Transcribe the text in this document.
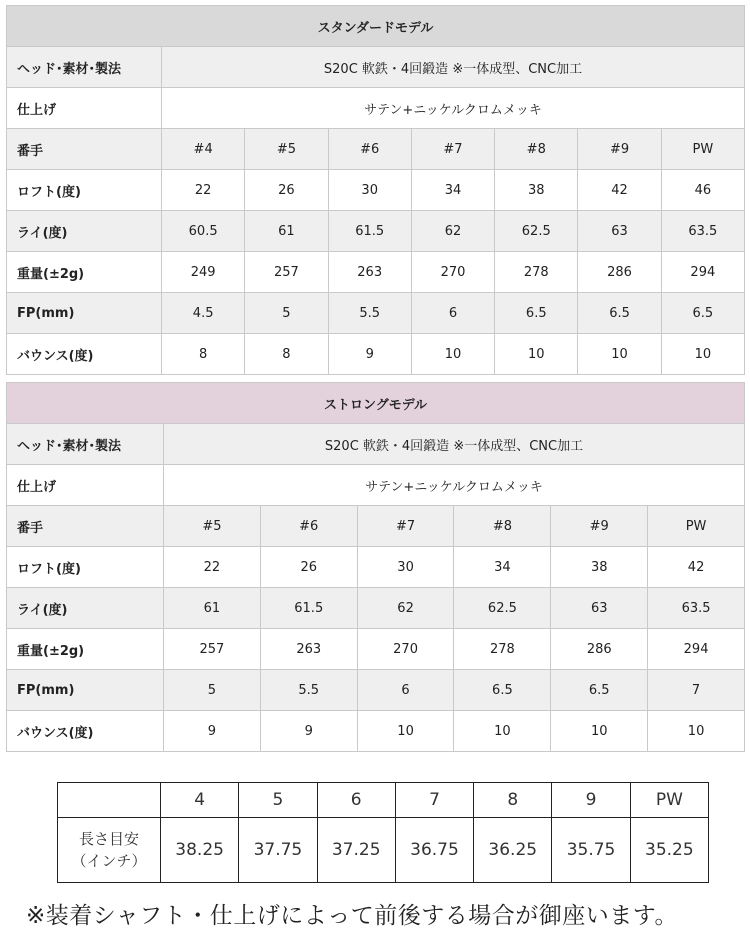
スタンダードモデル							
ヘッド･素材･製法	S20C 軟鉄・4回鍛造 ※一体成型、CNC加工						
仕上げ	サテン+ニッケルクロムメッキ						
番手	#4	#5	#6	#7	#8	#9	PW
ロフト(度)	22	26	30	34	38	42	46
ライ(度)	60.5	61	61.5	62	62.5	63	63.5
重量(±2g)	249	257	263	270	278	286	294
FP(mm)	4.5	5	5.5	6	6.5	6.5	6.5
バウンス(度)	8	8	9	10	10	10	10
ストロングモデル						
ヘッド･素材･製法	S20C 軟鉄・4回鍛造 ※一体成型、CNC加工					
仕上げ	サテン+ニッケルクロムメッキ					
番手	#5	#6	#7	#8	#9	PW
ロフト(度)	22	26	30	34	38	42
ライ(度)	61	61.5	62	62.5	63	63.5
重量(±2g)	257	263	270	278	286	294
FP(mm)	5	5.5	6	6.5	6.5	7
バウンス(度)	9	9	10	10	10	10
	4	5	6	7	8	9	PW

長さ目安
（インチ）	38.25	37.75	37.25	36.75	36.25	35.75	35.25
※装着シャフト・仕上げによって前後する場合が御座います。
